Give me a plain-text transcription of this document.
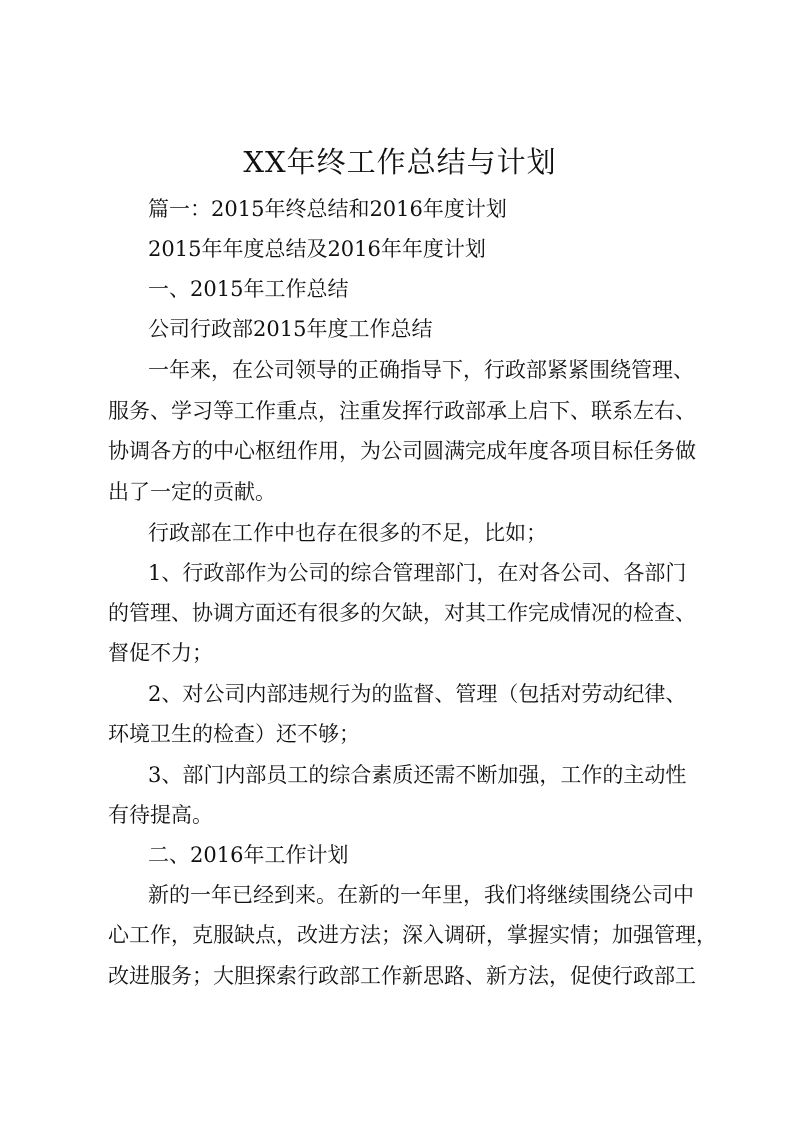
XX年终工作总结与计划

篇一：2015年终总结和2016年度计划

2015年年度总结及2016年年度计划

一、2015年工作总结

公司行政部2015年度工作总结

一年来，在公司领导的正确指导下，行政部紧紧围绕管理、

服务、学习等工作重点，注重发挥行政部承上启下、联系左右、

协调各方的中心枢纽作用，为公司圆满完成年度各项目标任务做

出了一定的贡献。

行政部在工作中也存在很多的不足，比如；

1、行政部作为公司的综合管理部门，在对各公司、各部门

的管理、协调方面还有很多的欠缺，对其工作完成情况的检查、

督促不力；

2、对公司内部违规行为的监督、管理（包括对劳动纪律、

环境卫生的检查）还不够；

3、部门内部员工的综合素质还需不断加强，工作的主动性

有待提高。

二、2016年工作计划

新的一年已经到来。在新的一年里，我们将继续围绕公司中

心工作，克服缺点，改进方法；深入调研，掌握实情；加强管理，

改进服务；大胆探索行政部工作新思路、新方法，促使行政部工
